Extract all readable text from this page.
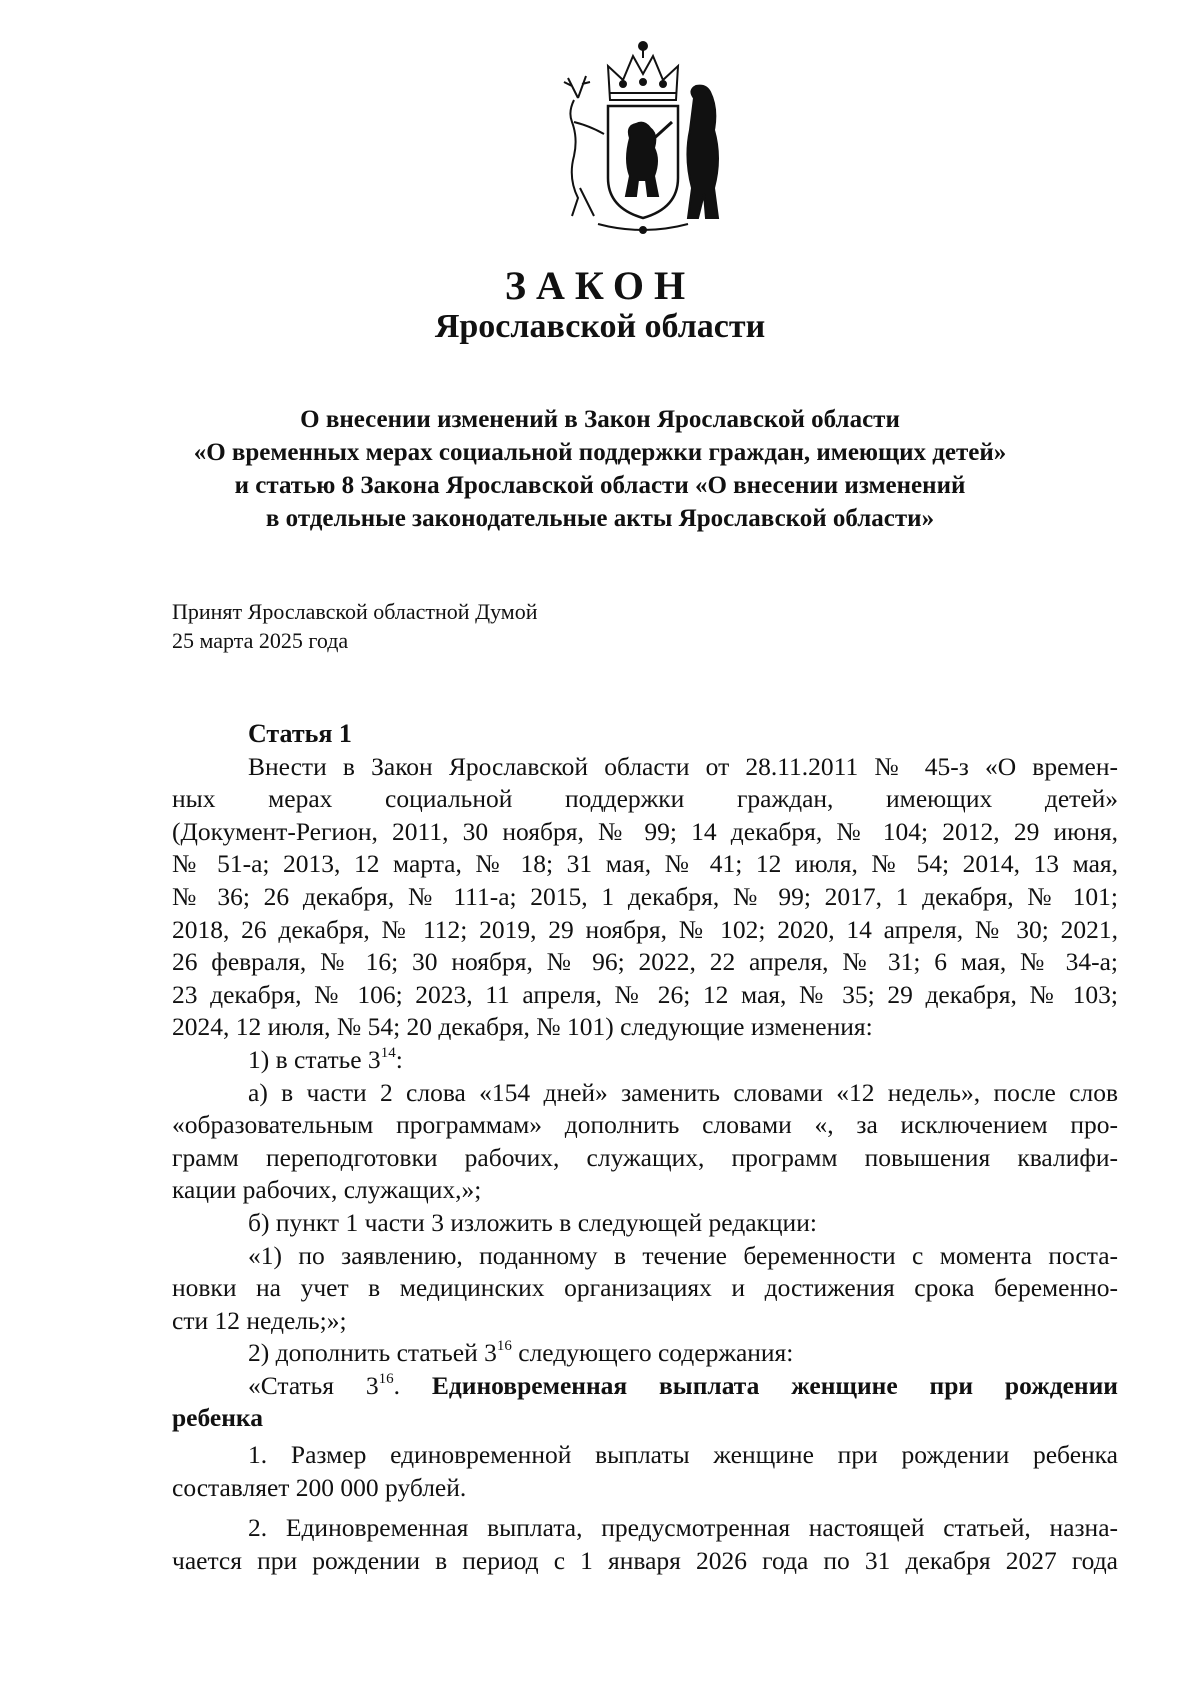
ЗАКОН
Ярославской области
О внесении изменений в Закон Ярославской области
«О временных мерах социальной поддержки граждан, имеющих детей»
и статью 8 Закона Ярославской области «О внесении изменений
в отдельные законодательные акты Ярославской области»
Принят Ярославской областной Думой
25 марта 2025 года
Статья 1
Внести в Закон Ярославской области от 28.11.2011 № 45-з «О времен-
ных мерах социальной поддержки граждан, имеющих детей»
(Документ-Регион, 2011, 30 ноября, № 99; 14 декабря, № 104; 2012, 29 июня,
№ 51-а; 2013, 12 марта, № 18; 31 мая, № 41; 12 июля, № 54; 2014, 13 мая,
№ 36; 26 декабря, № 111-а; 2015, 1 декабря, № 99; 2017, 1 декабря, № 101;
2018, 26 декабря, № 112; 2019, 29 ноября, № 102; 2020, 14 апреля, № 30; 2021,
26 февраля, № 16; 30 ноября, № 96; 2022, 22 апреля, № 31; 6 мая, № 34-а;
23 декабря, № 106; 2023, 11 апреля, № 26; 12 мая, № 35; 29 декабря, № 103;
2024, 12 июля, № 54; 20 декабря, № 101) следующие изменения:
1) в статье $3^{14}$:
а) в части 2 слова «154 дней» заменить словами «12 недель», после слов
«образовательным программам» дополнить словами «, за исключением про-
грамм переподготовки рабочих, служащих, программ повышения квалифи-
кации рабочих, служащих,»;
б) пункт 1 части 3 изложить в следующей редакции:
«1) по заявлению, поданному в течение беременности с момента поста-
новки на учет в медицинских организациях и достижения срока беременно-
сти 12 недель;»;
2) дополнить статьей $3^{16}$ следующего содержания:
«Статья $3^{16}$. Единовременная выплата женщине при рождении
ребенка
1. Размер единовременной выплаты женщине при рождении ребенка
составляет 200 000 рублей.
2. Единовременная выплата, предусмотренная настоящей статьей, назна-
чается при рождении в период с 1 января 2026 года по 31 декабря 2027 года
